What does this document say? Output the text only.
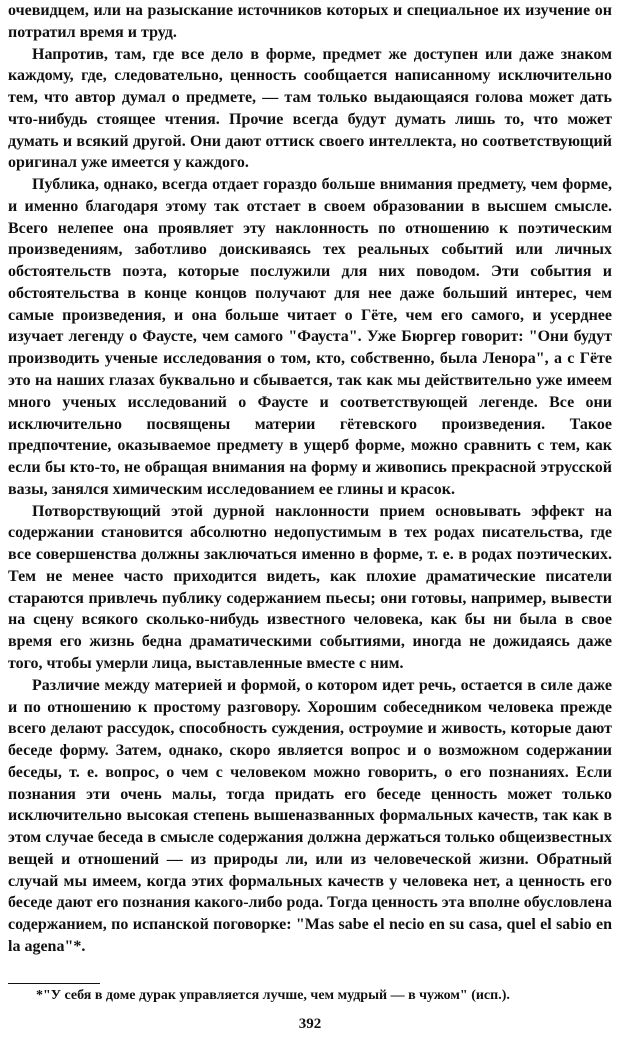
очевидцем, или на разыскание источников которых и специальное их изучение он потратил время и труд.

Напротив, там, где все дело в форме, предмет же доступен или даже знаком каждому, где, следовательно, ценность сообщается написанному исключительно тем, что автор думал о предмете, — там только выдающаяся голова может дать что-нибудь стоящее чтения. Прочие всегда будут думать лишь то, что может думать и всякий другой. Они дают оттиск своего интеллекта, но соответствующий оригинал уже имеется у каждого.

Публика, однако, всегда отдает гораздо больше внимания предмету, чем форме, и именно благодаря этому так отстает в своем образовании в высшем смысле. Всего нелепее она проявляет эту наклонность по отношению к поэтическим произведениям, заботливо доискиваясь тех реальных событий или личных обстоятельств поэта, которые послужили для них поводом. Эти события и обстоятельства в конце концов получают для нее даже больший интерес, чем самые произведения, и она больше читает о Гёте, чем его самого, и усерднее изучает легенду о Фаусте, чем самого "Фауста". Уже Бюргер говорит: "Они будут производить ученые исследования о том, кто, собственно, была Ленора", а с Гёте это на наших глазах буквально и сбывается, так как мы действительно уже имеем много ученых исследований о Фаусте и соответствующей легенде. Все они исключительно посвящены материи гётевского произведения. Такое предпочтение, оказываемое предмету в ущерб форме, можно сравнить с тем, как если бы кто-то, не обращая внимания на форму и живопись прекрасной этрусской вазы, занялся химическим исследованием ее глины и красок.

Потворствующий этой дурной наклонности прием основывать эффект на содержании становится абсолютно недопустимым в тех родах писательства, где все совершенства должны заключаться именно в форме, т. е. в родах поэтических. Тем не менее часто приходится видеть, как плохие драматические писатели стараются привлечь публику содержанием пьесы; они готовы, например, вывести на сцену всякого сколько-нибудь известного человека, как бы ни была в свое время его жизнь бедна драматическими событиями, иногда не дожидаясь даже того, чтобы умерли лица, выставленные вместе с ним.

Различие между материей и формой, о котором идет речь, остается в силе даже и по отношению к простому разговору. Хорошим собеседником человека прежде всего делают рассудок, способность суждения, остроумие и живость, которые дают беседе форму. Затем, однако, скоро является вопрос и о возможном содержании беседы, т. е. вопрос, о чем с человеком можно говорить, о его познаниях. Если познания эти очень малы, тогда придать его беседе ценность может только исключительно высокая степень вышеназванных формальных качеств, так как в этом случае беседа в смысле содержания должна держаться только общеизвестных вещей и отношений — из природы ли, или из человеческой жизни. Обратный случай мы имеем, когда этих формальных качеств у человека нет, а ценность его беседе дают его познания какого-либо рода. Тогда ценность эта вполне обусловлена содержанием, по испанской поговорке: "Mas sabe el necio en su casa, quel el sabio en la agena"*.

*"У себя в доме дурак управляется лучше, чем мудрый — в чужом" (исп.).

392
